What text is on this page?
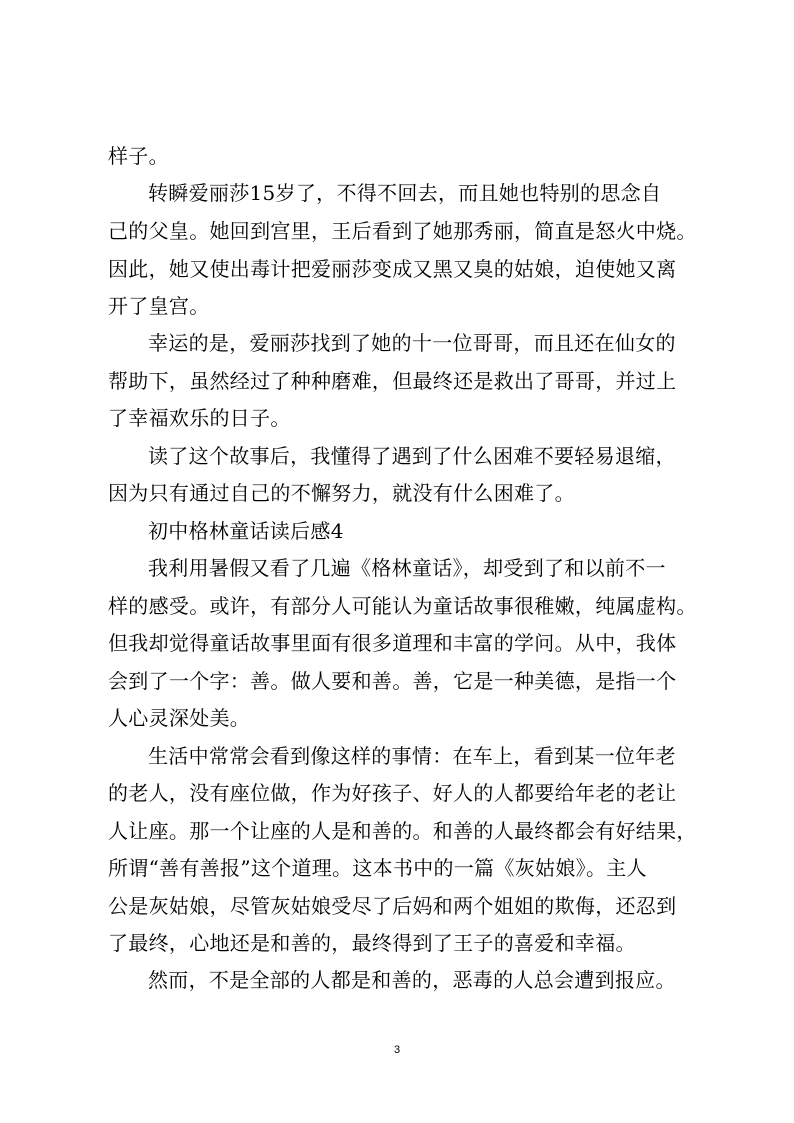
样子。
转瞬爱丽莎15岁了，不得不回去，而且她也特别的思念自
己的父皇。她回到宫里，王后看到了她那秀丽，简直是怒火中烧。
因此，她又使出毒计把爱丽莎变成又黑又臭的姑娘，迫使她又离
开了皇宫。
幸运的是，爱丽莎找到了她的十一位哥哥，而且还在仙女的
帮助下，虽然经过了种种磨难，但最终还是救出了哥哥，并过上
了幸福欢乐的日子。
读了这个故事后，我懂得了遇到了什么困难不要轻易退缩，
因为只有通过自己的不懈努力，就没有什么困难了。
初中格林童话读后感4
我利用暑假又看了几遍《格林童话》，却受到了和以前不一
样的感受。或许，有部分人可能认为童话故事很稚嫩，纯属虚构。
但我却觉得童话故事里面有很多道理和丰富的学问。从中，我体
会到了一个字：善。做人要和善。善，它是一种美德，是指一个
人心灵深处美。
生活中常常会看到像这样的事情：在车上，看到某一位年老
的老人，没有座位做，作为好孩子、好人的人都要给年老的老让
人让座。那一个让座的人是和善的。和善的人最终都会有好结果，
所谓“善有善报”这个道理。这本书中的一篇《灰姑娘》。主人
公是灰姑娘，尽管灰姑娘受尽了后妈和两个姐姐的欺侮，还忍到
了最终，心地还是和善的，最终得到了王子的喜爱和幸福。
然而，不是全部的人都是和善的，恶毒的人总会遭到报应。
3
